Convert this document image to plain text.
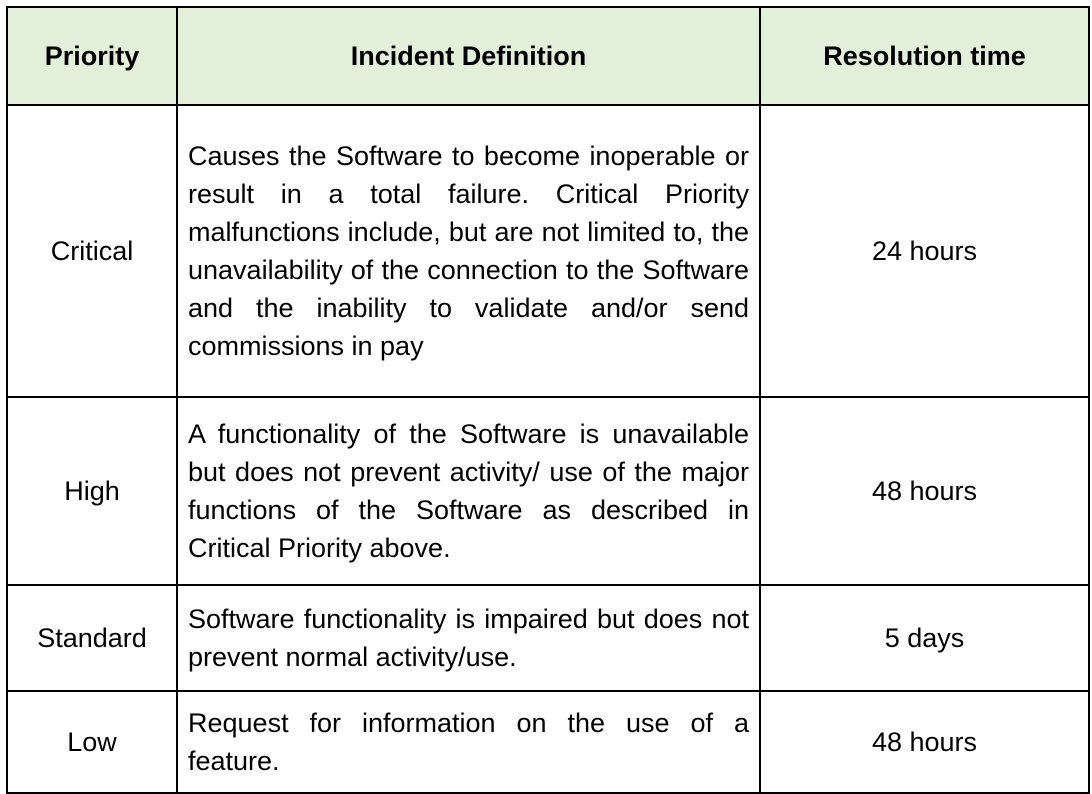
Priority	Incident Definition	Resolution time
Critical	Causes the Software to become inoperable or result in a total failure. Critical Priority malfunctions include, but are not limited to, the unavailability of the connection to the Software and the inability to validate and/or send commissions in pay	24 hours
High	A functionality of the Software is unavailable but does not prevent activity/ use of the major functions of the Software as described in Critical Priority above.	48 hours
Standard	Software functionality is impaired but does not prevent normal activity/use.	5 days
Low	Request for information on the use of a feature.	48 hours
